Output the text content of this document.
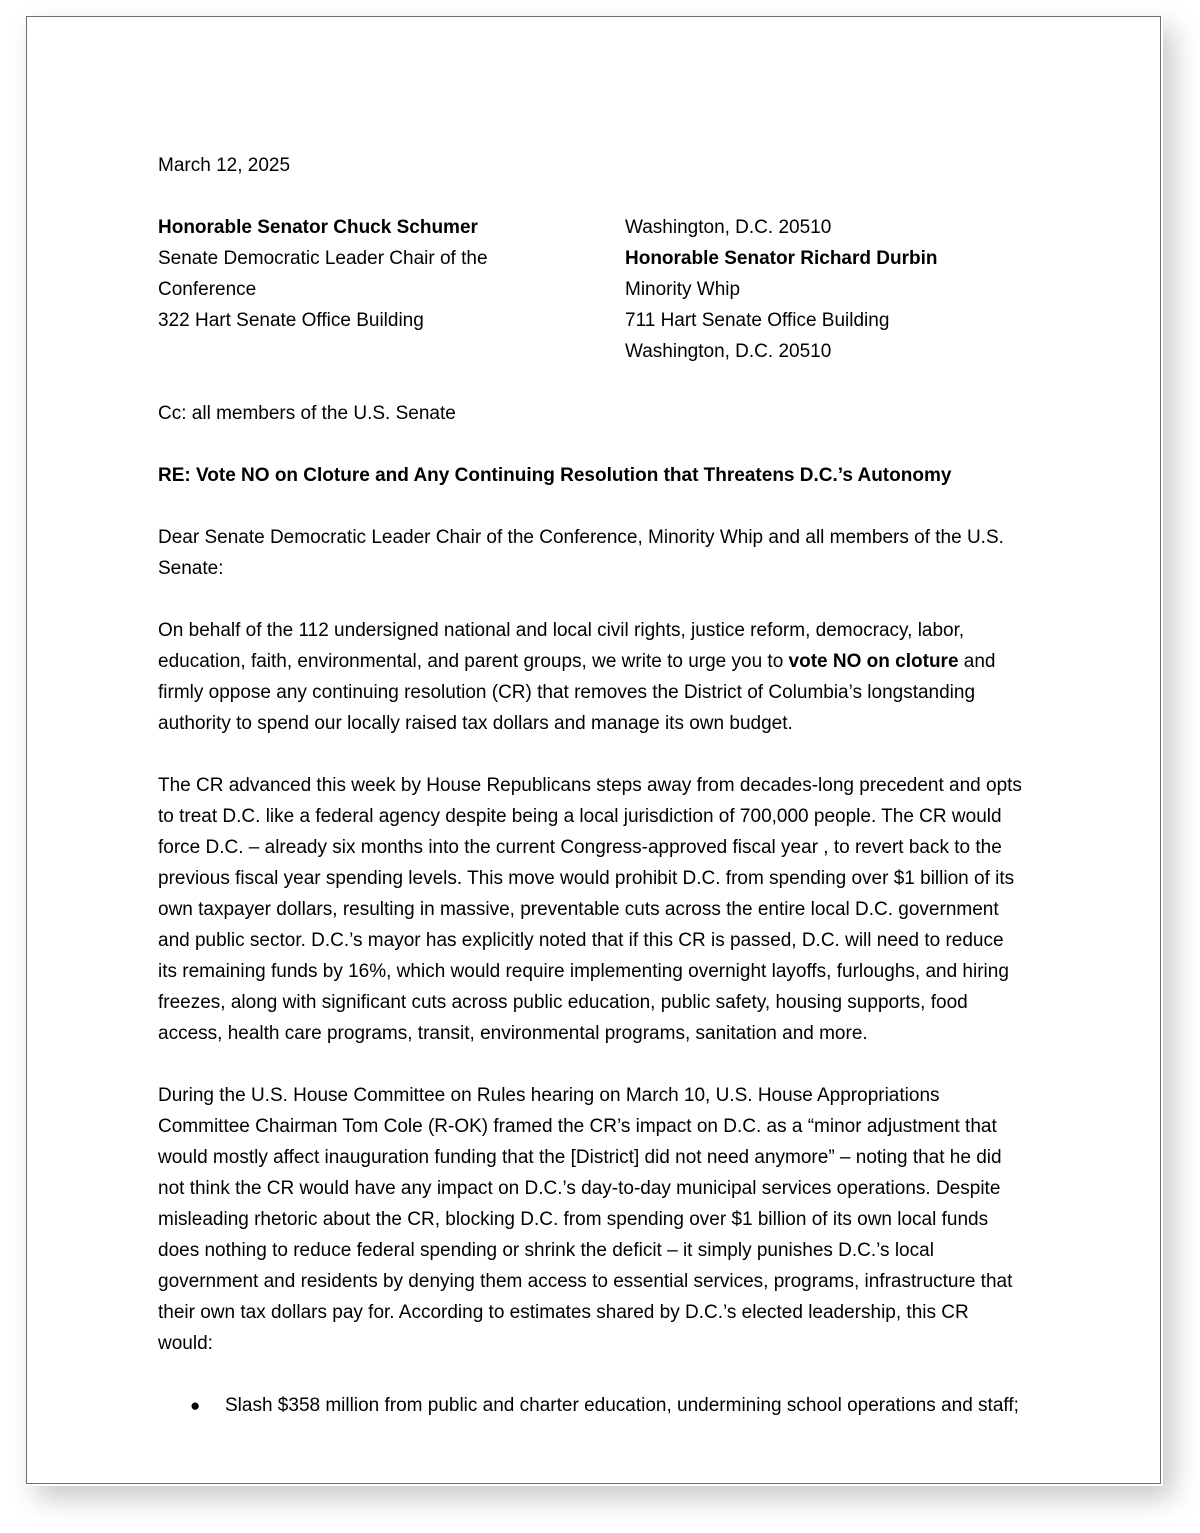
March 12, 2025
Honorable Senator Chuck Schumer
Senate Democratic Leader Chair of the
Conference
322 Hart Senate Office Building
Washington, D.C. 20510
Honorable Senator Richard Durbin
Minority Whip
711 Hart Senate Office Building
Washington, D.C. 20510
Cc: all members of the U.S. Senate
RE: Vote NO on Cloture and Any Continuing Resolution that Threatens D.C.’s Autonomy

Dear Senate Democratic Leader Chair of the Conference, Minority Whip and all members of the U.S. Senate:

On behalf of the 112 undersigned national and local civil rights, justice reform, democracy, labor, education, faith, environmental, and parent groups, we write to urge you to vote NO on cloture and firmly oppose any continuing resolution (CR) that removes the District of Columbia’s longstanding authority to spend our locally raised tax dollars and manage its own budget.

The CR advanced this week by House Republicans steps away from decades-long precedent and opts to treat D.C. like a federal agency despite being a local jurisdiction of 700,000 people. The CR would force D.C. – already six months into the current Congress-approved fiscal year , to revert back to the previous fiscal year spending levels. This move would prohibit D.C. from spending over $1 billion of its own taxpayer dollars, resulting in massive, preventable cuts across the entire local D.C. government and public sector. D.C.’s mayor has explicitly noted that if this CR is passed, D.C. will need to reduce its remaining funds by 16%, which would require implementing overnight layoffs, furloughs, and hiring freezes, along with significant cuts across public education, public safety, housing supports, food access, health care programs, transit, environmental programs, sanitation and more.

During the U.S. House Committee on Rules hearing on March 10, U.S. House Appropriations Committee Chairman Tom Cole (R-OK) framed the CR’s impact on D.C. as a “minor adjustment that would mostly affect inauguration funding that the [District] did not need anymore” – noting that he did not think the CR would have any impact on D.C.’s day-to-day municipal services operations. Despite misleading rhetoric about the CR, blocking D.C. from spending over $1 billion of its own local funds does nothing to reduce federal spending or shrink the deficit – it simply punishes D.C.’s local government and residents by denying them access to essential services, programs, infrastructure that their own tax dollars pay for. According to estimates shared by D.C.’s elected leadership, this CR would:

● Slash $358 million from public and charter education, undermining school operations and staff;
